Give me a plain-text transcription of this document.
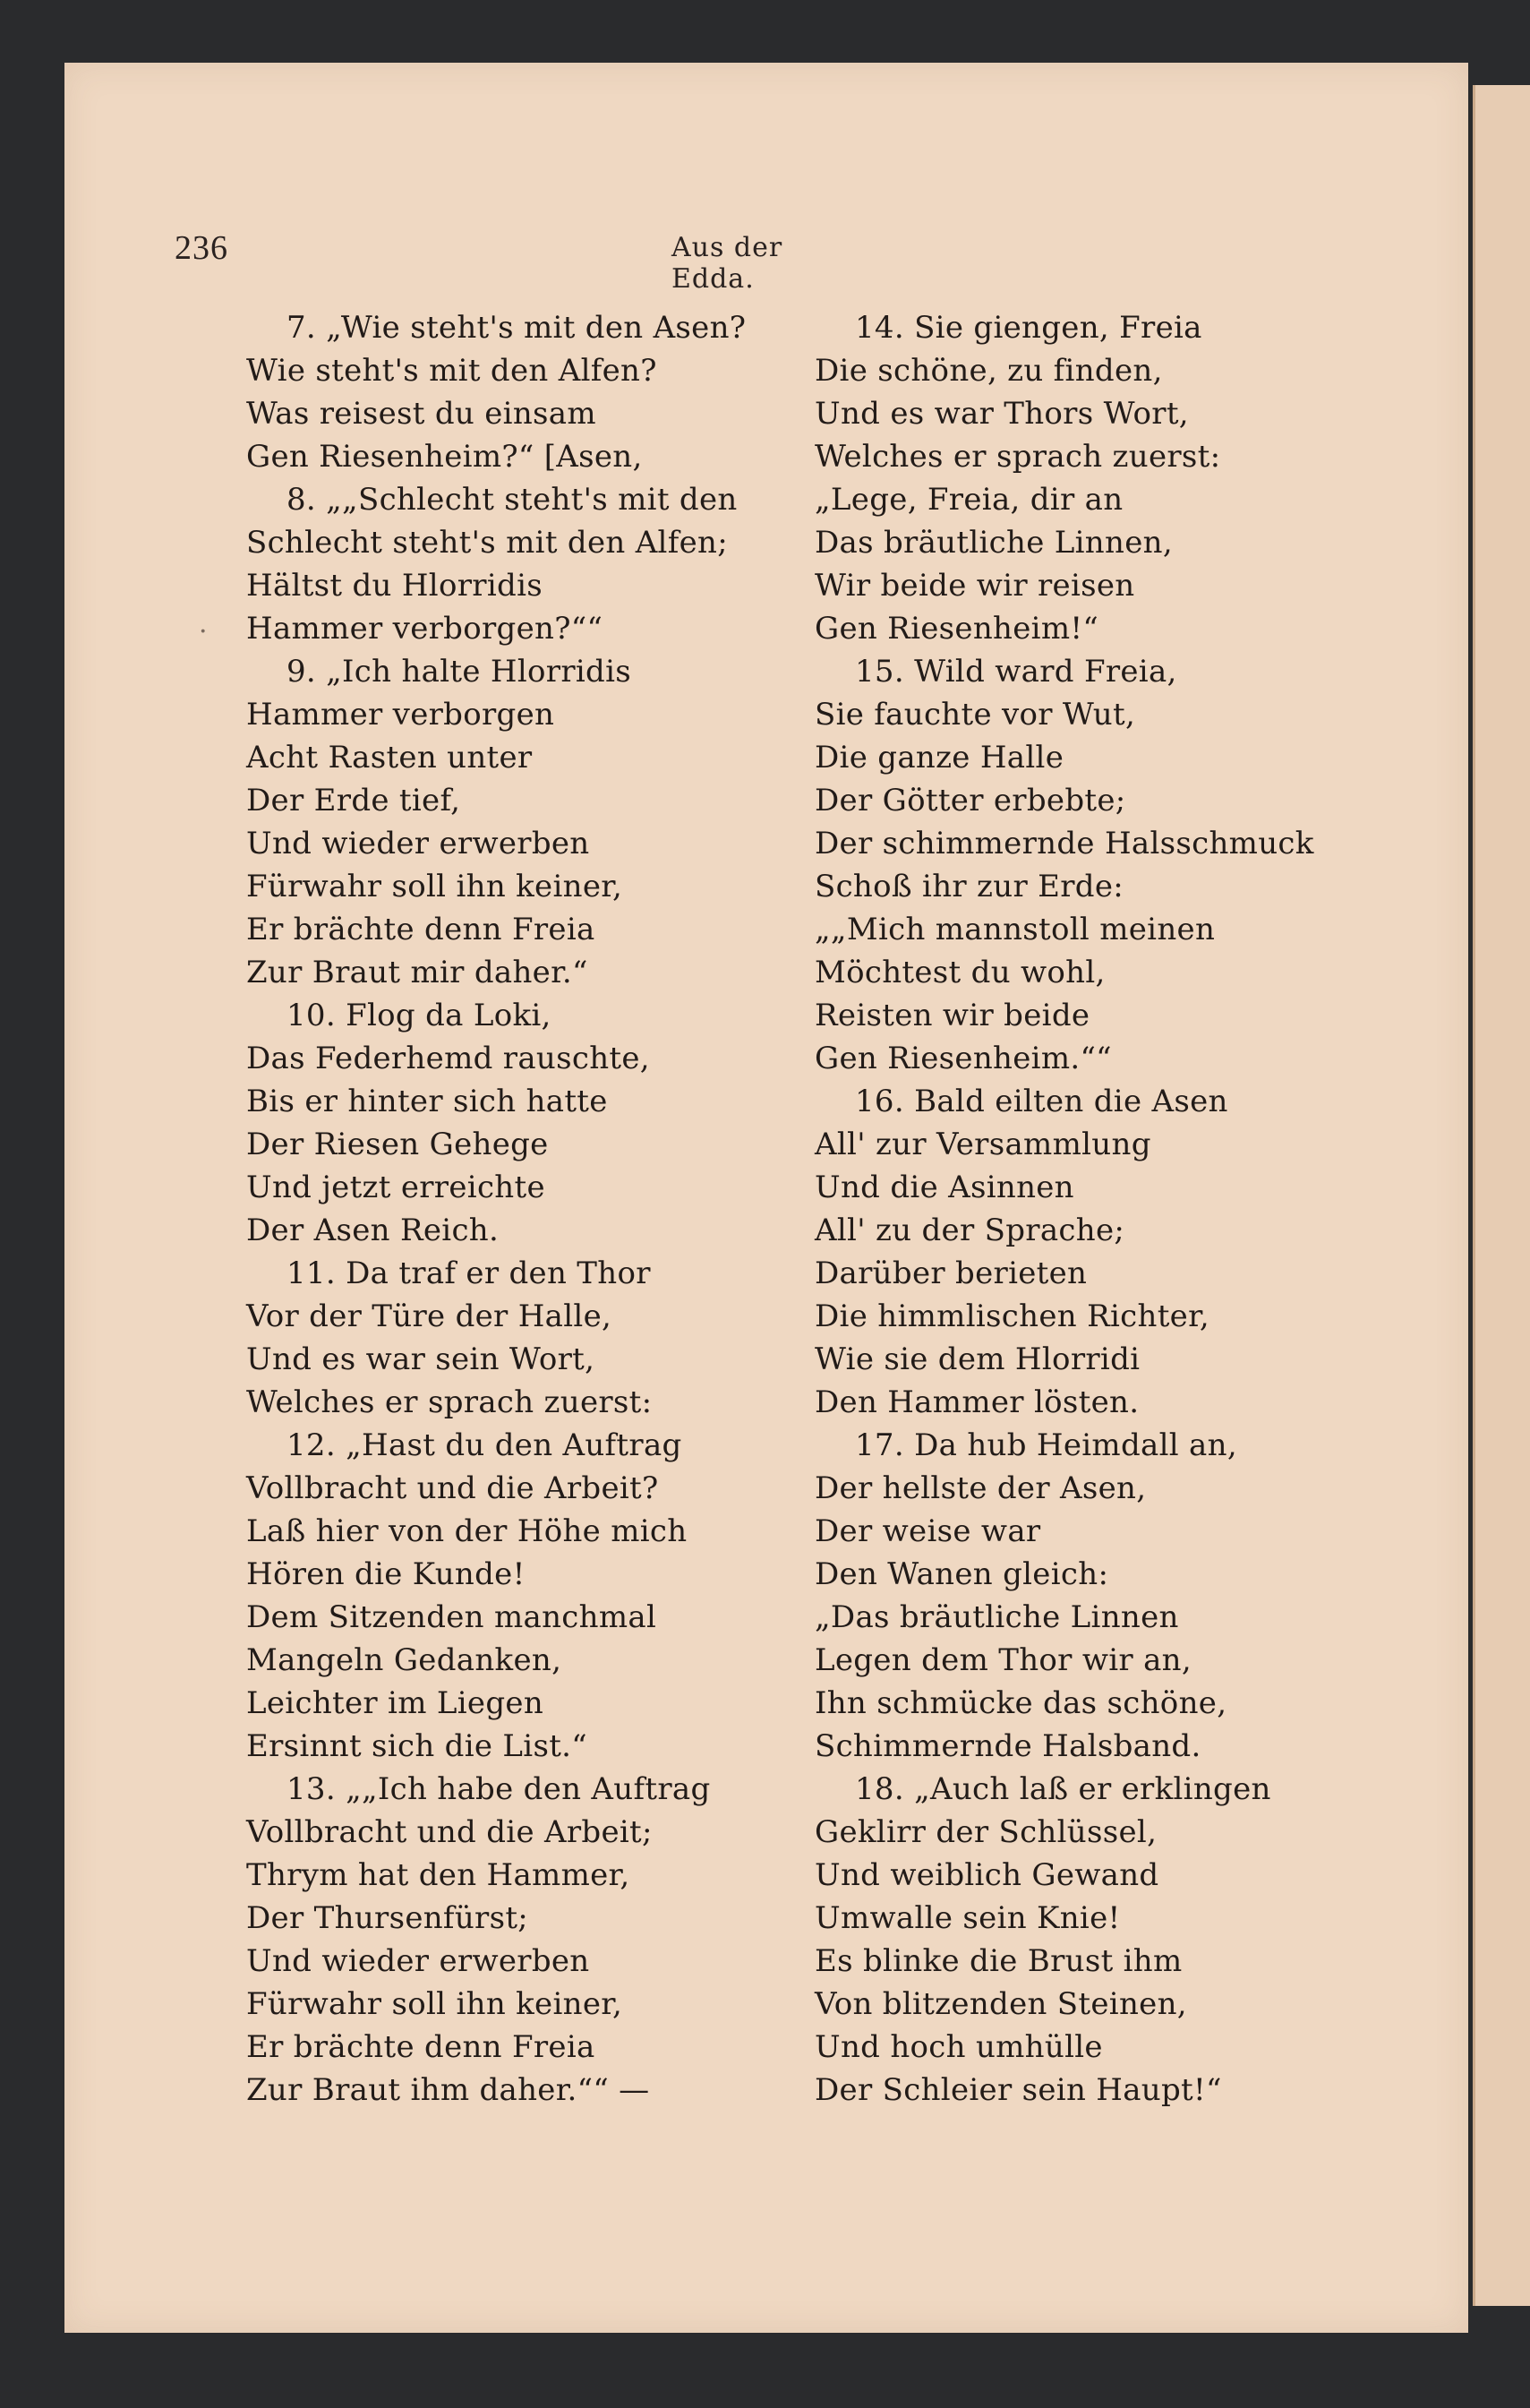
236	Aus der Edda.
7. „Wie steht's mit den Asen?
Wie steht's mit den Alfen?
Was reisest du einsam
Gen Riesenheim?“ [Asen,
8. „„Schlecht steht's mit den
Schlecht steht's mit den Alfen;
Hältst du Hlorridis
Hammer verborgen?““
9. „Ich halte Hlorridis
Hammer verborgen
Acht Rasten unter
Der Erde tief,
Und wieder erwerben
Fürwahr soll ihn keiner,
Er brächte denn Freia
Zur Braut mir daher.“
10. Flog da Loki,
Das Federhemd rauschte,
Bis er hinter sich hatte
Der Riesen Gehege
Und jetzt erreichte
Der Asen Reich.
11. Da traf er den Thor
Vor der Türe der Halle,
Und es war sein Wort,
Welches er sprach zuerst:
12. „Hast du den Auftrag
Vollbracht und die Arbeit?
Laß hier von der Höhe mich
Hören die Kunde!
Dem Sitzenden manchmal
Mangeln Gedanken,
Leichter im Liegen
Ersinnt sich die List.“
13. „„Ich habe den Auftrag
Vollbracht und die Arbeit;
Thrym hat den Hammer,
Der Thursenfürst;
Und wieder erwerben
Fürwahr soll ihn keiner,
Er brächte denn Freia
Zur Braut ihm daher.““ —
14. Sie giengen, Freia
Die schöne, zu finden,
Und es war Thors Wort,
Welches er sprach zuerst:
„Lege, Freia, dir an
Das bräutliche Linnen,
Wir beide wir reisen
Gen Riesenheim!“
15. Wild ward Freia,
Sie fauchte vor Wut,
Die ganze Halle
Der Götter erbebte;
Der schimmernde Halsschmuck
Schoß ihr zur Erde:
„„Mich mannstoll meinen
Möchtest du wohl,
Reisten wir beide
Gen Riesenheim.““
16. Bald eilten die Asen
All' zur Versammlung
Und die Asinnen
All' zu der Sprache;
Darüber berieten
Die himmlischen Richter,
Wie sie dem Hlorridi
Den Hammer lösten.
17. Da hub Heimdall an,
Der hellste der Asen,
Der weise war
Den Wanen gleich:
„Das bräutliche Linnen
Legen dem Thor wir an,
Ihn schmücke das schöne,
Schimmernde Halsband.
18. „Auch laß er erklingen
Geklirr der Schlüssel,
Und weiblich Gewand
Umwalle sein Knie!
Es blinke die Brust ihm
Von blitzenden Steinen,
Und hoch umhülle
Der Schleier sein Haupt!“
·
